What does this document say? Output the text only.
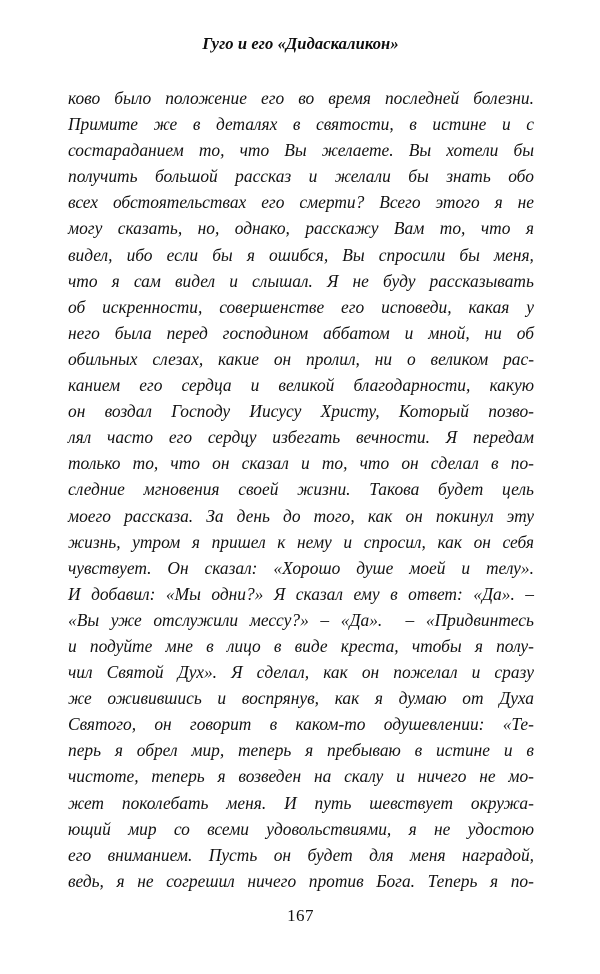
Гуго и его «Дидаскаликон»
ково было положение его во время последней болезни.
Примите же в деталях в святости, в истине и с
состараданием то, что Вы желаете. Вы хотели бы
получить большой рассказ и желали бы знать обо
всех обстоятельствах его смерти? Всего этого я не
могу сказать, но, однако, расскажу Вам то, что я
видел, ибо если бы я ошибся, Вы спросили бы меня,
что я сам видел и слышал. Я не буду рассказывать
об искренности, совершенстве его исповеди, какая у
него была перед господином аббатом и мной, ни об
обильных слезах, какие он пролил, ни о великом рас-
канием его сердца и великой благодарности, какую
он воздал Господу Иисусу Христу, Который позво-
лял часто его сердцу избегать вечности. Я передам
только то, что он сказал и то, что он сделал в по-
следние мгновения своей жизни. Такова будет цель
моего рассказа. За день до того, как он покинул эту
жизнь, утром я пришел к нему и спросил, как он себя
чувствует. Он сказал: «Хорошо душе моей и телу».
И добавил: «Мы одни?» Я сказал ему в ответ: «Да». –
«Вы уже отслужили мессу?» – «Да». – «Придвинтесь
и подуйте мне в лицо в виде креста, чтобы я полу-
чил Святой Дух». Я сделал, как он пожелал и сразу
же оживившись и воспрянув, как я думаю от Духа
Святого, он говорит в каком-то одушевлении: «Те-
перь я обрел мир, теперь я пребываю в истине и в
чистоте, теперь я возведен на скалу и ничего не мо-
жет поколебать меня. И путь шевствует окружа-
ющий мир со всеми удовольствиями, я не удостою
его вниманием. Пусть он будет для меня наградой,
ведь, я не согрешил ничего против Бога. Теперь я по-
167
